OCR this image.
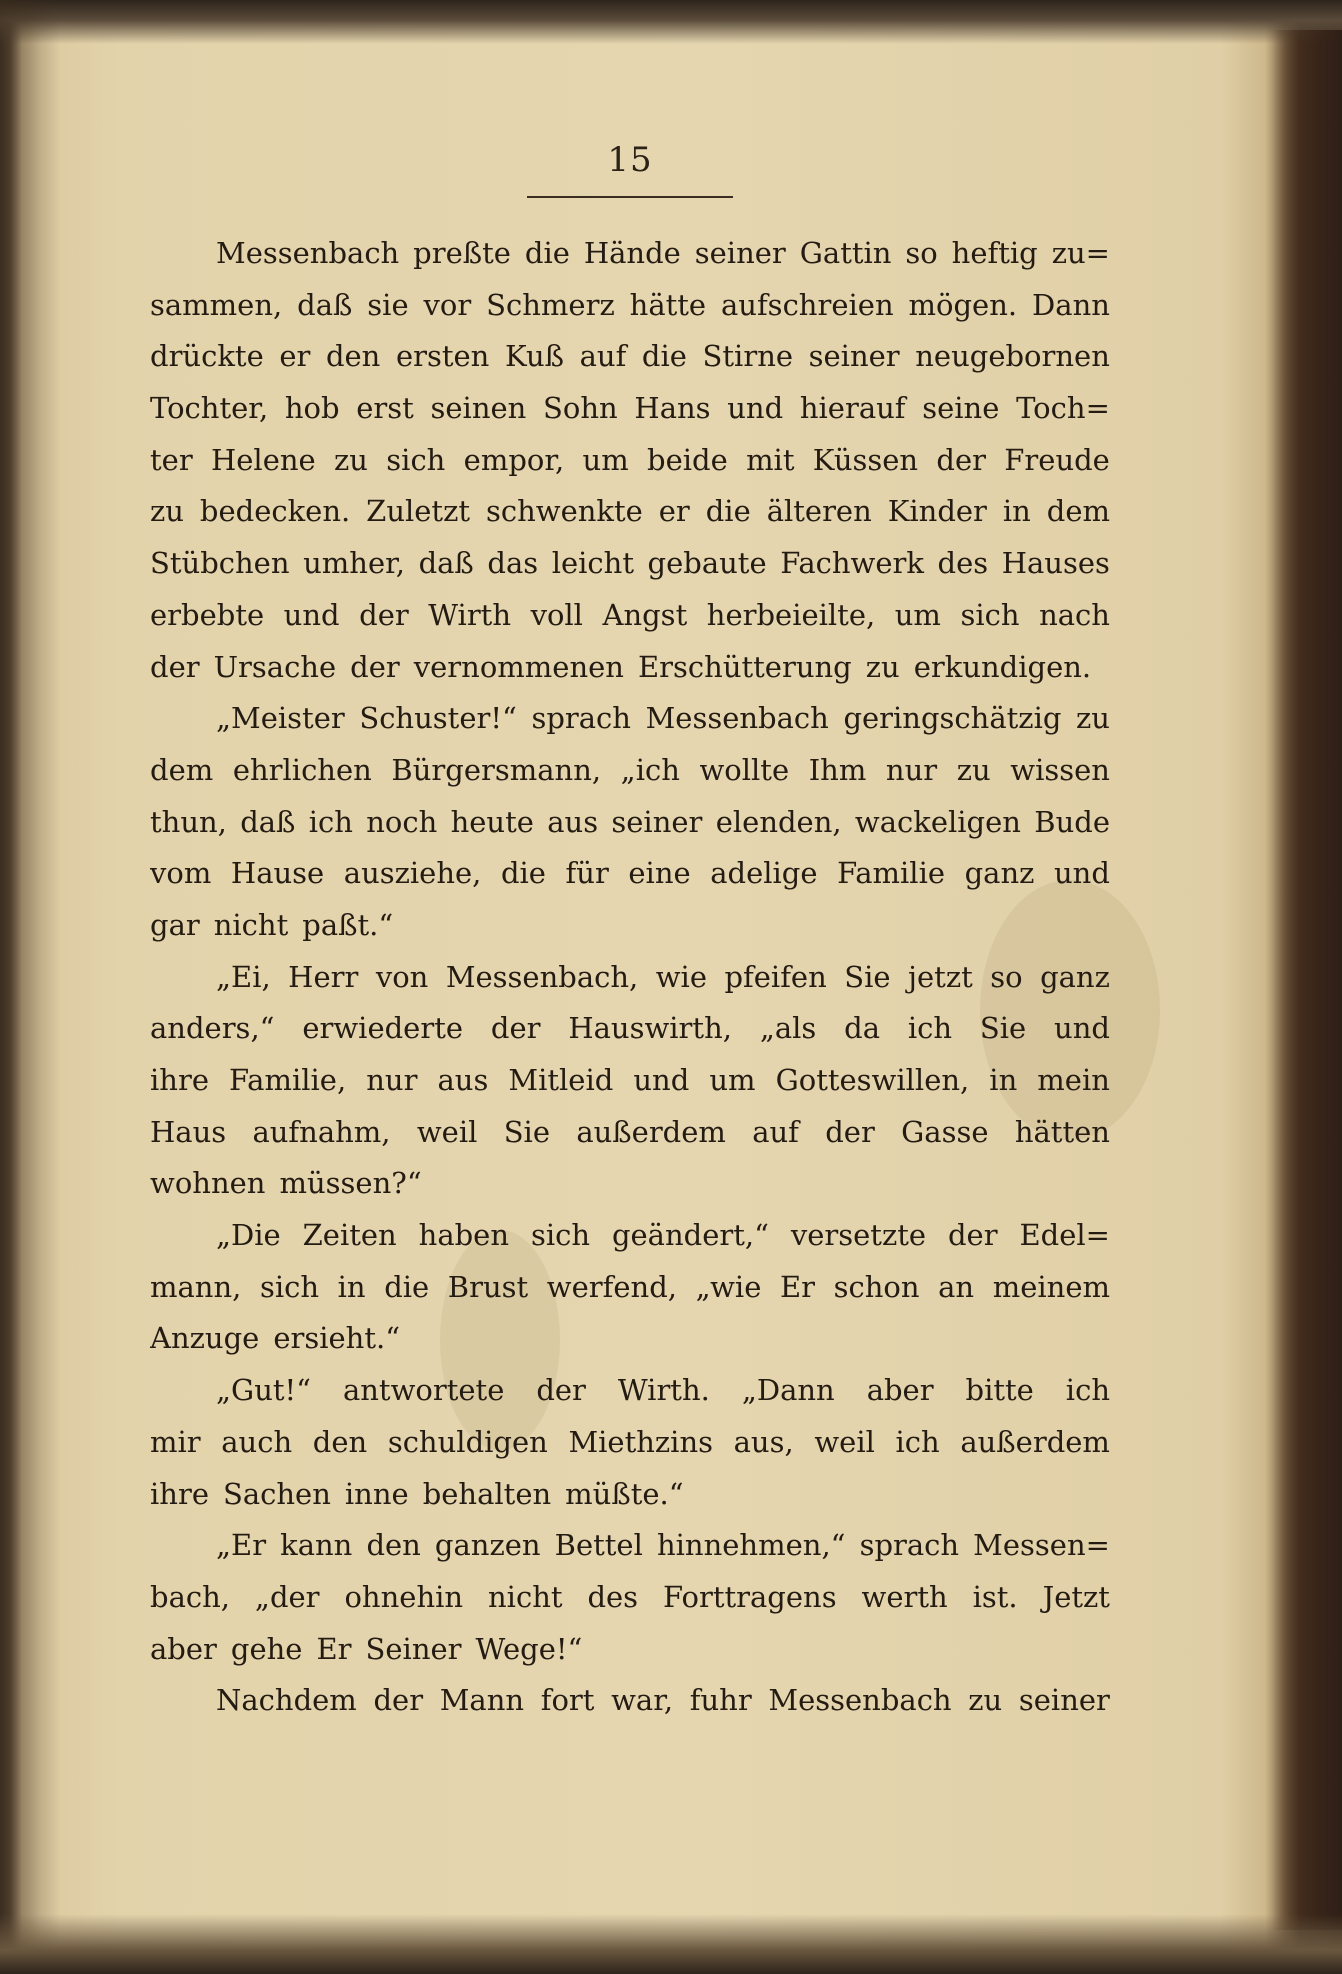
15
Messenbach preßte die Hände seiner Gattin so heftig zu=
sammen, daß sie vor Schmerz hätte aufschreien mögen. Dann
drückte er den ersten Kuß auf die Stirne seiner neugebornen
Tochter, hob erst seinen Sohn Hans und hierauf seine Toch=
ter Helene zu sich empor, um beide mit Küssen der Freude
zu bedecken. Zuletzt schwenkte er die älteren Kinder in dem
Stübchen umher, daß das leicht gebaute Fachwerk des Hauses
erbebte und der Wirth voll Angst herbeieilte, um sich nach
der Ursache der vernommenen Erschütterung zu erkundigen.
„Meister Schuster!“ sprach Messenbach geringschätzig zu
dem ehrlichen Bürgersmann, „ich wollte Ihm nur zu wissen
thun, daß ich noch heute aus seiner elenden, wackeligen Bude
vom Hause ausziehe, die für eine adelige Familie ganz und
gar nicht paßt.“
„Ei, Herr von Messenbach, wie pfeifen Sie jetzt so ganz
anders,“ erwiederte der Hauswirth, „als da ich Sie und
ihre Familie, nur aus Mitleid und um Gotteswillen, in mein
Haus aufnahm, weil Sie außerdem auf der Gasse hätten
wohnen müssen?“
„Die Zeiten haben sich geändert,“ versetzte der Edel=
mann, sich in die Brust werfend, „wie Er schon an meinem
Anzuge ersieht.“
„Gut!“ antwortete der Wirth. „Dann aber bitte ich
mir auch den schuldigen Miethzins aus, weil ich außerdem
ihre Sachen inne behalten müßte.“
„Er kann den ganzen Bettel hinnehmen,“ sprach Messen=
bach, „der ohnehin nicht des Forttragens werth ist. Jetzt
aber gehe Er Seiner Wege!“
Nachdem der Mann fort war, fuhr Messenbach zu seiner
